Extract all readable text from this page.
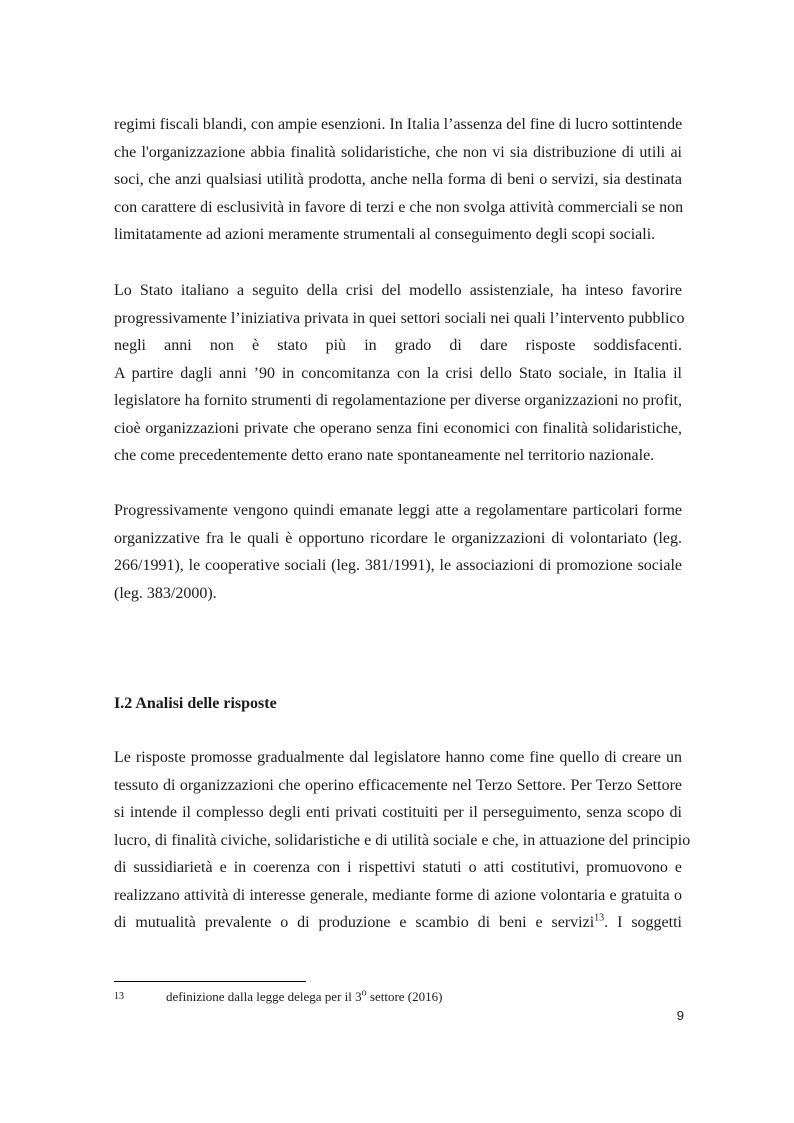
regimi fiscali blandi, con ampie esenzioni. In Italia l’assenza del fine di lucro sottintende
che l'organizzazione abbia finalità solidaristiche, che non vi sia distribuzione di utili ai
soci, che anzi qualsiasi utilità prodotta, anche nella forma di beni o servizi, sia destinata
con carattere di esclusività in favore di terzi e che non svolga attività commerciali se non
limitatamente ad azioni meramente strumentali al conseguimento degli scopi sociali.

Lo Stato italiano a seguito della crisi del modello assistenziale, ha inteso favorire
progressivamente l’iniziativa privata in quei settori sociali nei quali l’intervento pubblico
negli anni non è stato più in grado di dare risposte soddisfacenti.
A partire dagli anni ’90 in concomitanza con la crisi dello Stato sociale, in Italia il
legislatore ha fornito strumenti di regolamentazione per diverse organizzazioni no profit,
cioè organizzazioni private che operano senza fini economici con finalità solidaristiche,
che come precedentemente detto erano nate spontaneamente nel territorio nazionale.

Progressivamente vengono quindi emanate leggi atte a regolamentare particolari forme
organizzative fra le quali è opportuno ricordare le organizzazioni di volontariato (leg.
266/1991), le cooperative sociali (leg. 381/1991), le associazioni di promozione sociale
(leg. 383/2000).

I.2 Analisi delle risposte

Le risposte promosse gradualmente dal legislatore hanno come fine quello di creare un
tessuto di organizzazioni che operino efficacemente nel Terzo Settore. Per Terzo Settore
si intende il complesso degli enti privati costituiti per il perseguimento, senza scopo di
lucro, di finalità civiche, solidaristiche e di utilità sociale e che, in attuazione del principio
di sussidiarietà e in coerenza con i rispettivi statuti o atti costitutivi, promuovono e
realizzano attività di interesse generale, mediante forme di azione volontaria e gratuita o
di mutualità prevalente o di produzione e scambio di beni e servizi$^{13}$. I soggetti

13	definizione dalla legge delega per il 3$^o$ settore (2016)
9
